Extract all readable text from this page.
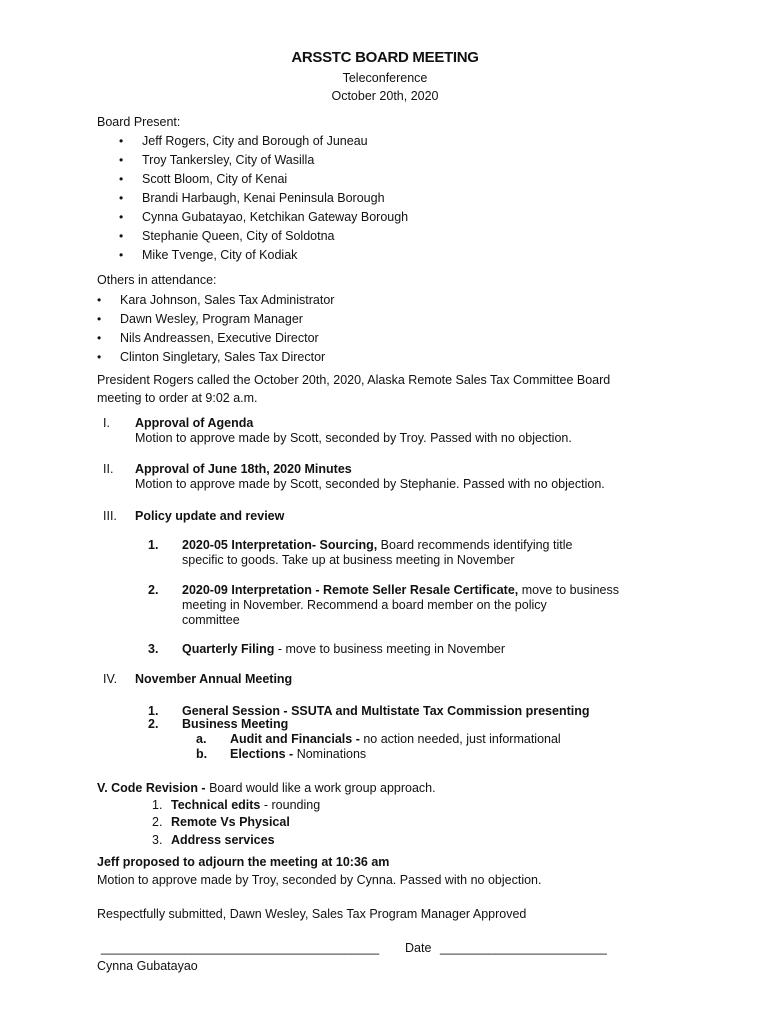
ARSSTC BOARD MEETING
Teleconference
October 20th, 2020
Board Present:
• Jeff Rogers, City and Borough of Juneau
• Troy Tankersley, City of Wasilla
• Scott Bloom, City of Kenai
• Brandi Harbaugh, Kenai Peninsula Borough
• Cynna Gubatayao, Ketchikan Gateway Borough
• Stephanie Queen, City of Soldotna
• Mike Tvenge, City of Kodiak
Others in attendance:
• Kara Johnson, Sales Tax Administrator
• Dawn Wesley, Program Manager
• Nils Andreassen, Executive Director
• Clinton Singletary, Sales Tax Director
President Rogers called the October 20th, 2020, Alaska Remote Sales Tax Committee Board
meeting to order at 9:02 a.m.
I. Approval of Agenda
Motion to approve made by Scott, seconded by Troy. Passed with no objection.
II. Approval of June 18th, 2020 Minutes
Motion to approve made by Scott, seconded by Stephanie. Passed with no objection.
III. Policy update and review
1. 2020-05 Interpretation- Sourcing, Board recommends identifying title
specific to goods. Take up at business meeting in November
2. 2020-09 Interpretation - Remote Seller Resale Certificate, move to business
meeting in November. Recommend a board member on the policy
committee
3. Quarterly Filing - move to business meeting in November
IV. November Annual Meeting
1. General Session - SSUTA and Multistate Tax Commission presenting
2. Business Meeting
a. Audit and Financials - no action needed, just informational
b. Elections - Nominations
V. Code Revision - Board would like a work group approach.
1. Technical edits - rounding
2. Remote Vs Physical
3. Address services
Jeff proposed to adjourn the meeting at 10:36 am
Motion to approve made by Troy, seconded by Cynna. Passed with no objection.
Respectfully submitted, Dawn Wesley, Sales Tax Program Manager Approved
________________________________________ Date ________________________
Cynna Gubatayao
